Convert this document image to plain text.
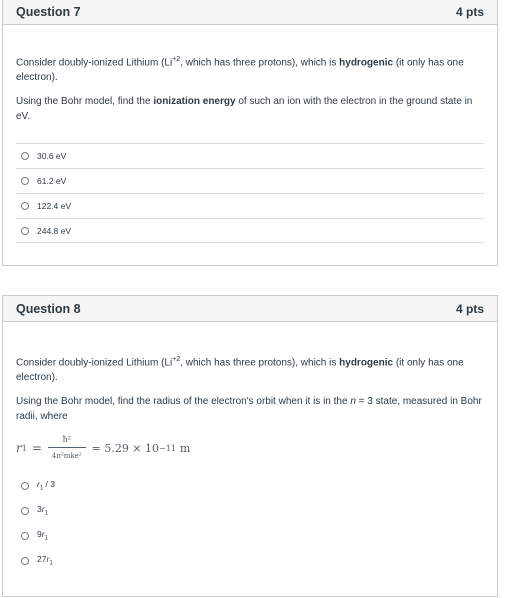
Question 7	4 pts

Consider doubly-ionized Lithium ($Li^{+2}$, which has three protons), which is hydrogenic (it only has one electron).

Using the Bohr model, find the ionization energy of such an ion with the electron in the ground state in eV.

30.6 eV
61.2 eV
122.4 eV
244.8 eV
Question 8	4 pts

Consider doubly-ionized Lithium ($Li^{+2}$, which has three protons), which is hydrogenic (it only has one electron).

Using the Bohr model, find the radius of the electron's orbit when it is in the n = 3 state, measured in Bohr radii, where

r $1 = \frac{\text{ħ²}}{\text{4π²mke²}} = 5.29 \times 10 -11$ m
$r_1 / 3$
$3r_1$
$9r_1$
$27r_1$
